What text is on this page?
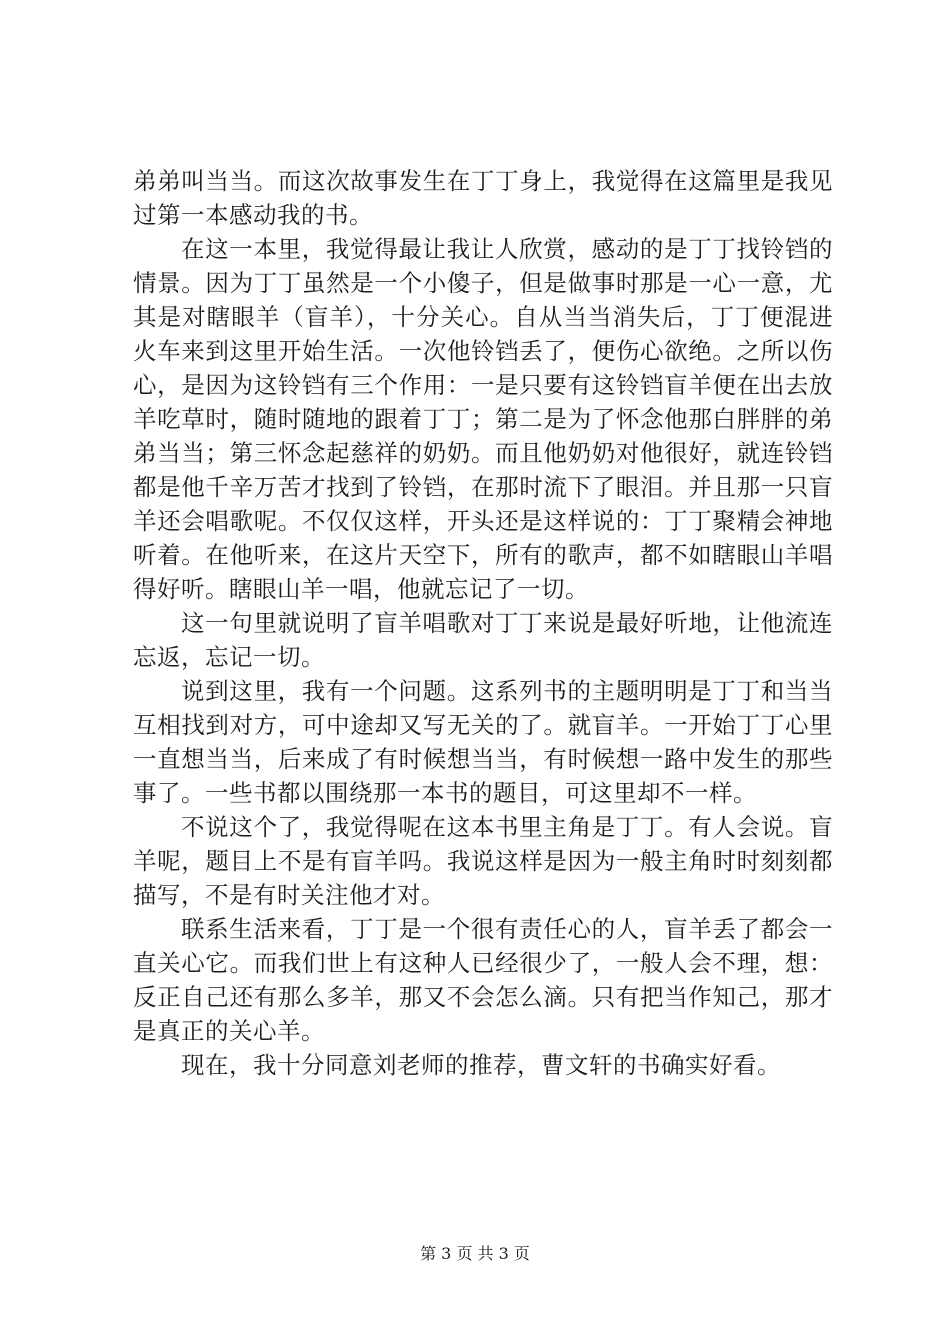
弟弟叫当当。而这次故事发生在丁丁身上，我觉得在这篇里是我见过第一本感动我的书。

在这一本里，我觉得最让我让人欣赏，感动的是丁丁找铃铛的情景。因为丁丁虽然是一个小傻子，但是做事时那是一心一意，尤其是对瞎眼羊（盲羊），十分关心。自从当当消失后，丁丁便混进火车来到这里开始生活。一次他铃铛丢了，便伤心欲绝。之所以伤心，是因为这铃铛有三个作用：一是只要有这铃铛盲羊便在出去放羊吃草时，随时随地的跟着丁丁；第二是为了怀念他那白胖胖的弟弟当当；第三怀念起慈祥的奶奶。而且他奶奶对他很好，就连铃铛都是他千辛万苦才找到了铃铛，在那时流下了眼泪。并且那一只盲羊还会唱歌呢。不仅仅这样，开头还是这样说的：丁丁聚精会神地听着。在他听来，在这片天空下，所有的歌声，都不如瞎眼山羊唱得好听。瞎眼山羊一唱，他就忘记了一切。

这一句里就说明了盲羊唱歌对丁丁来说是最好听地，让他流连忘返，忘记一切。

说到这里，我有一个问题。这系列书的主题明明是丁丁和当当互相找到对方，可中途却又写无关的了。就盲羊。一开始丁丁心里一直想当当，后来成了有时候想当当，有时候想一路中发生的那些事了。一些书都以围绕那一本书的题目，可这里却不一样。

不说这个了，我觉得呢在这本书里主角是丁丁。有人会说。盲羊呢，题目上不是有盲羊吗。我说这样是因为一般主角时时刻刻都描写，不是有时关注他才对。

联系生活来看，丁丁是一个很有责任心的人，盲羊丢了都会一直关心它。而我们世上有这种人已经很少了，一般人会不理，想：反正自己还有那么多羊，那又不会怎么滴。只有把当作知己，那才是真正的关心羊。

现在，我十分同意刘老师的推荐，曹文轩的书确实好看。

第 3 页 共 3 页
